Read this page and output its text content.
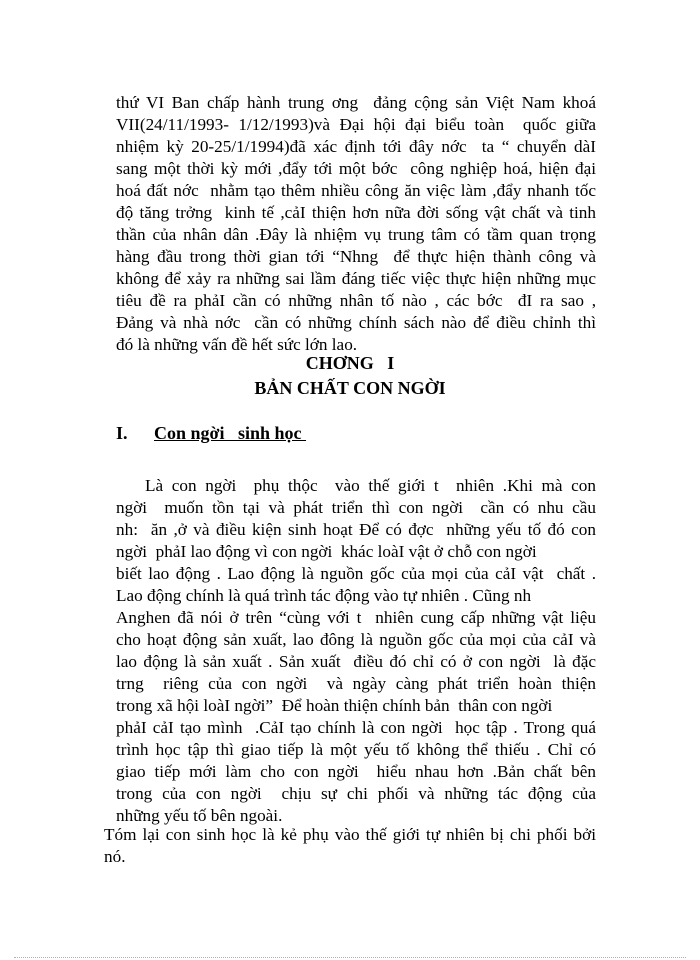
thứ VI Ban chấp hành trung ơng  đảng cộng sản Việt Nam khoá
VII(24/11/1993- 1/12/1993)và Đại hội đại biểu toàn  quốc giữa
nhiệm kỳ 20-25/1/1994)đã xác định tới đây nớc  ta “ chuyển dàI
sang một thời kỳ mới ,đẩy tới một bớc  công nghiệp hoá, hiện đại
hoá đất nớc  nhằm tạo thêm nhiều công ăn việc làm ,đẩy nhanh tốc
độ tăng trởng  kinh tế ,cảI thiện hơn nữa đời sống vật chất và tinh
thần của nhân dân .Đây là nhiệm vụ trung tâm có tầm quan trọng
hàng đầu trong thời gian tới “Nhng  để thực hiện thành công và
không để xảy ra những sai lầm đáng tiếc việc thực hiện những mục
tiêu đề ra phảI cần có những nhân tố nào , các bớc  đI ra sao ,
Đảng và nhà nớc  cần có những chính sách nào để điều chỉnh thì
đó là những vấn đề hết sức lớn lao.
CHƠNG   I
BẢN CHẤT CON NGỜI
I. Con ngời   sinh học
Là con ngời  phụ thộc  vào thế giới t  nhiên .Khi mà con
ngời  muốn tồn tại và phát triển thì con ngời  cần có nhu cầu
nh:  ăn ,ở và điều kiện sinh hoạt Để có đợc  những yếu tố đó con
ngời  phảI lao động vì con ngời  khác loàI vật ở chỗ con ngời
biết lao động . Lao động là nguồn gốc của mọi của cảI vật  chất .
Lao động chính là quá trình tác động vào tự nhiên . Cũng nh
Anghen đã nói ở trên “cùng với t  nhiên cung cấp những vật liệu
cho hoạt động sản xuất, lao đông là nguồn gốc của mọi của cảI và
lao động là sản xuất . Sản xuất  điều đó chỉ có ở con ngời  là đặc
trng  riêng của con ngời  và ngày càng phát triển hoàn thiện
trong xã hội loàI ngời”  Để hoàn thiện chính bản  thân con ngời
phảI cảI tạo mình  .CảI tạo chính là con ngời  học tập . Trong quá
trình học tập thì giao tiếp là một yếu tố không thể thiếu . Chỉ có
giao tiếp mới làm cho con ngời  hiểu nhau hơn .Bản chất bên
trong của con ngời  chịu sự chi phối và những tác động của
những yếu tố bên ngoài.
Tóm lại con sinh học là kẻ phụ vào thế giới tự nhiên bị chi phối bởi
nó.
